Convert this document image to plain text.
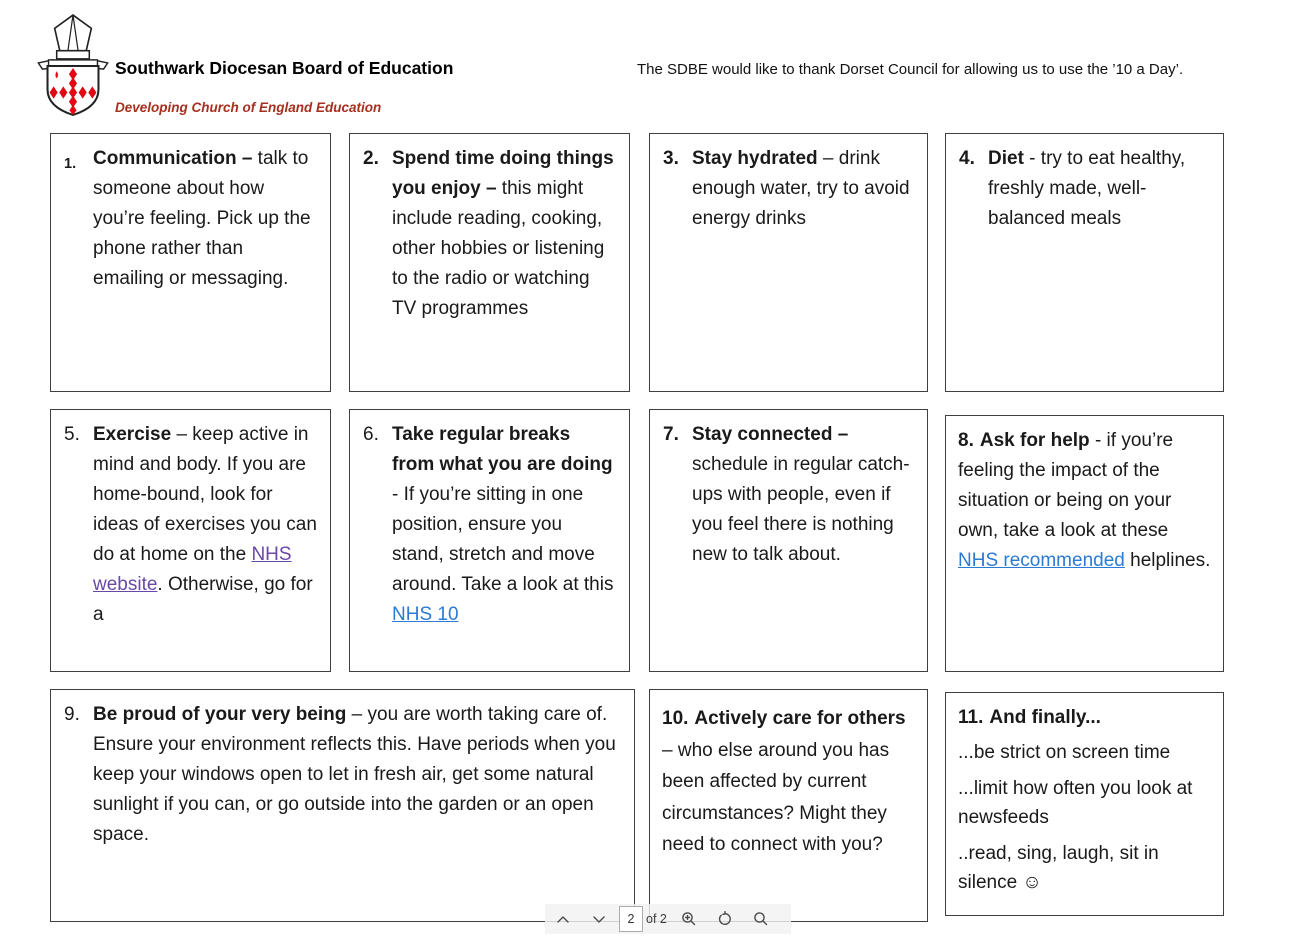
Southwark Diocesan Board of Education
Developing Church of England Education
The SDBE would like to thank Dorset Council for allowing us to use the ’10 a Day’.
1. Communication – talk to someone about how you’re feeling. Pick up the phone rather than emailing or messaging.
2. Spend time doing things you enjoy – this might include reading, cooking, other hobbies or listening to the radio or watching TV programmes
3. Stay hydrated – drink enough water, try to avoid energy drinks
4. Diet - try to eat healthy, freshly made, well-balanced meals
5. Exercise – keep active in mind and body. If you are home-bound, look for ideas of exercises you can do at home on the NHS website. Otherwise, go for a
6. Take regular breaks from what you are doing - If you’re sitting in one position, ensure you stand, stretch and move around. Take a look at this NHS 10
7. Stay connected – schedule in regular catch-ups with people, even if you feel there is nothing new to talk about.
8. Ask for help - if you’re feeling the impact of the situation or being on your own, take a look at these NHS recommended helplines.
9. Be proud of your very being – you are worth taking care of. Ensure your environment reflects this. Have periods when you keep your windows open to let in fresh air, get some natural sunlight if you can, or go outside into the garden or an open space.
10. Actively care for others – who else around you has been affected by current circumstances? Might they need to connect with you?
11. And finally...
...be strict on screen time
...limit how often you look at newsfeeds
..read, sing, laugh, sit in silence ☺
2
of 2
